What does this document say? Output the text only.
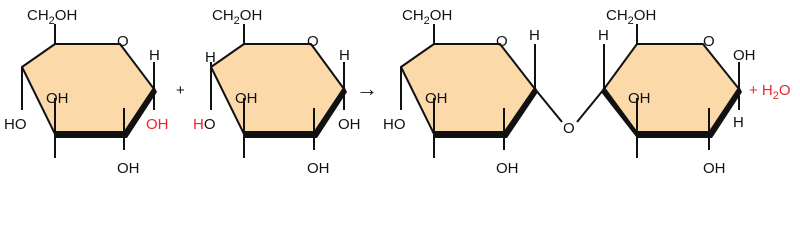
$CH_2OH$
O
H
OH
HO	OH
OH
+
$CH_2OH$
O
H
H
OH
HO	OH
OH
→
$CH_2OH$
O H
OH
HO
OH
O
$CH_2OH$
O
H
OH
OH
H
OH
+ $H_2O$
